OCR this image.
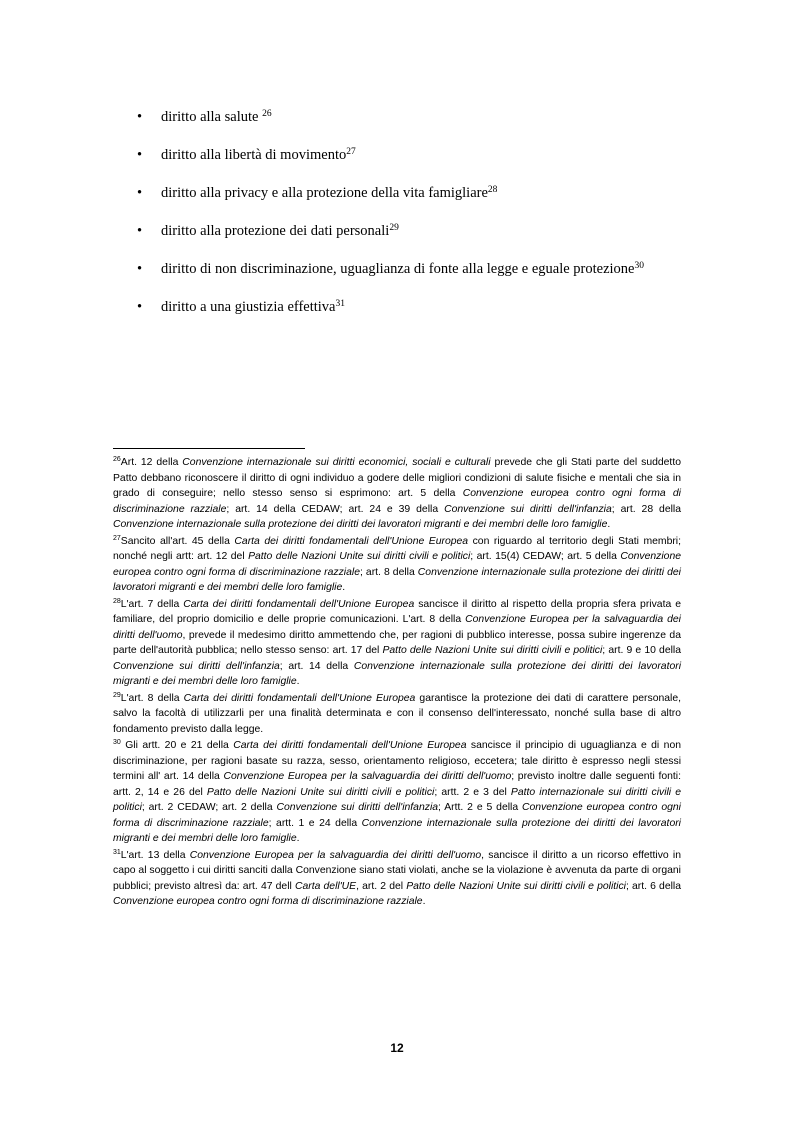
• diritto alla salute $^{26}$
• diritto alla libertà di movimento$^{27}$
• diritto alla privacy e alla protezione della vita famigliare$^{28}$
• diritto alla protezione dei dati personali$^{29}$
• diritto di non discriminazione, uguaglianza di fonte alla legge e eguale protezione$^{30}$
• diritto a una giustizia effettiva$^{31}$
$^{26}$Art. 12 della Convenzione internazionale sui diritti economici, sociali e culturali prevede che gli Stati parte del suddetto Patto debbano riconoscere il diritto di ogni individuo a godere delle migliori condizioni di salute fisiche e mentali che sia in grado di conseguire; nello stesso senso si esprimono: art. 5 della Convenzione europea contro ogni forma di discriminazione razziale; art. 14 della CEDAW; art. 24 e 39 della Convenzione sui diritti dell'infanzia; art. 28 della Convenzione internazionale sulla protezione dei diritti dei lavoratori migranti e dei membri delle loro famiglie.
$^{27}$Sancito all'art. 45 della Carta dei diritti fondamentali dell'Unione Europea con riguardo al territorio degli Stati membri; nonché negli artt: art. 12 del Patto delle Nazioni Unite sui diritti civili e politici; art. 15(4) CEDAW; art. 5 della Convenzione europea contro ogni forma di discriminazione razziale; art. 8 della Convenzione internazionale sulla protezione dei diritti dei lavoratori migranti e dei membri delle loro famiglie.
$^{28}$L'art. 7 della Carta dei diritti fondamentali dell'Unione Europea sancisce il diritto al rispetto della propria sfera privata e familiare, del proprio domicilio e delle proprie comunicazioni. L'art. 8 della Convenzione Europea per la salvaguardia dei diritti dell'uomo, prevede il medesimo diritto ammettendo che, per ragioni di pubblico interesse, possa subire ingerenze da parte dell'autorità pubblica; nello stesso senso: art. 17 del Patto delle Nazioni Unite sui diritti civili e politici; art. 9 e 10 della Convenzione sui diritti dell'infanzia; art. 14 della Convenzione internazionale sulla protezione dei diritti dei lavoratori migranti e dei membri delle loro famiglie.
$^{29}$L'art. 8 della Carta dei diritti fondamentali dell'Unione Europea garantisce la protezione dei dati di carattere personale, salvo la facoltà di utilizzarli per una finalità determinata e con il consenso dell'interessato, nonché sulla base di altro fondamento previsto dalla legge.
$^{30}$ Gli artt. 20 e 21 della Carta dei diritti fondamentali dell'Unione Europea sancisce il principio di uguaglianza e di non discriminazione, per ragioni basate su razza, sesso, orientamento religioso, eccetera; tale diritto è espresso negli stessi termini all' art. 14 della Convenzione Europea per la salvaguardia dei diritti dell'uomo; previsto inoltre dalle seguenti fonti: artt. 2, 14 e 26 del Patto delle Nazioni Unite sui diritti civili e politici; artt. 2 e 3 del Patto internazionale sui diritti civili e politici; art. 2 CEDAW; art. 2 della Convenzione sui diritti dell'infanzia; Artt. 2 e 5 della Convenzione europea contro ogni forma di discriminazione razziale; artt. 1 e 24 della Convenzione internazionale sulla protezione dei diritti dei lavoratori migranti e dei membri delle loro famiglie.
$^{31}$L'art. 13 della Convenzione Europea per la salvaguardia dei diritti dell'uomo, sancisce il diritto a un ricorso effettivo in capo al soggetto i cui diritti sanciti dalla Convenzione siano stati violati, anche se la violazione è avvenuta da parte di organi pubblici; previsto altresì da: art. 47 dell Carta dell'UE, art. 2 del Patto delle Nazioni Unite sui diritti civili e politici; art. 6 della Convenzione europea contro ogni forma di discriminazione razziale.
12
